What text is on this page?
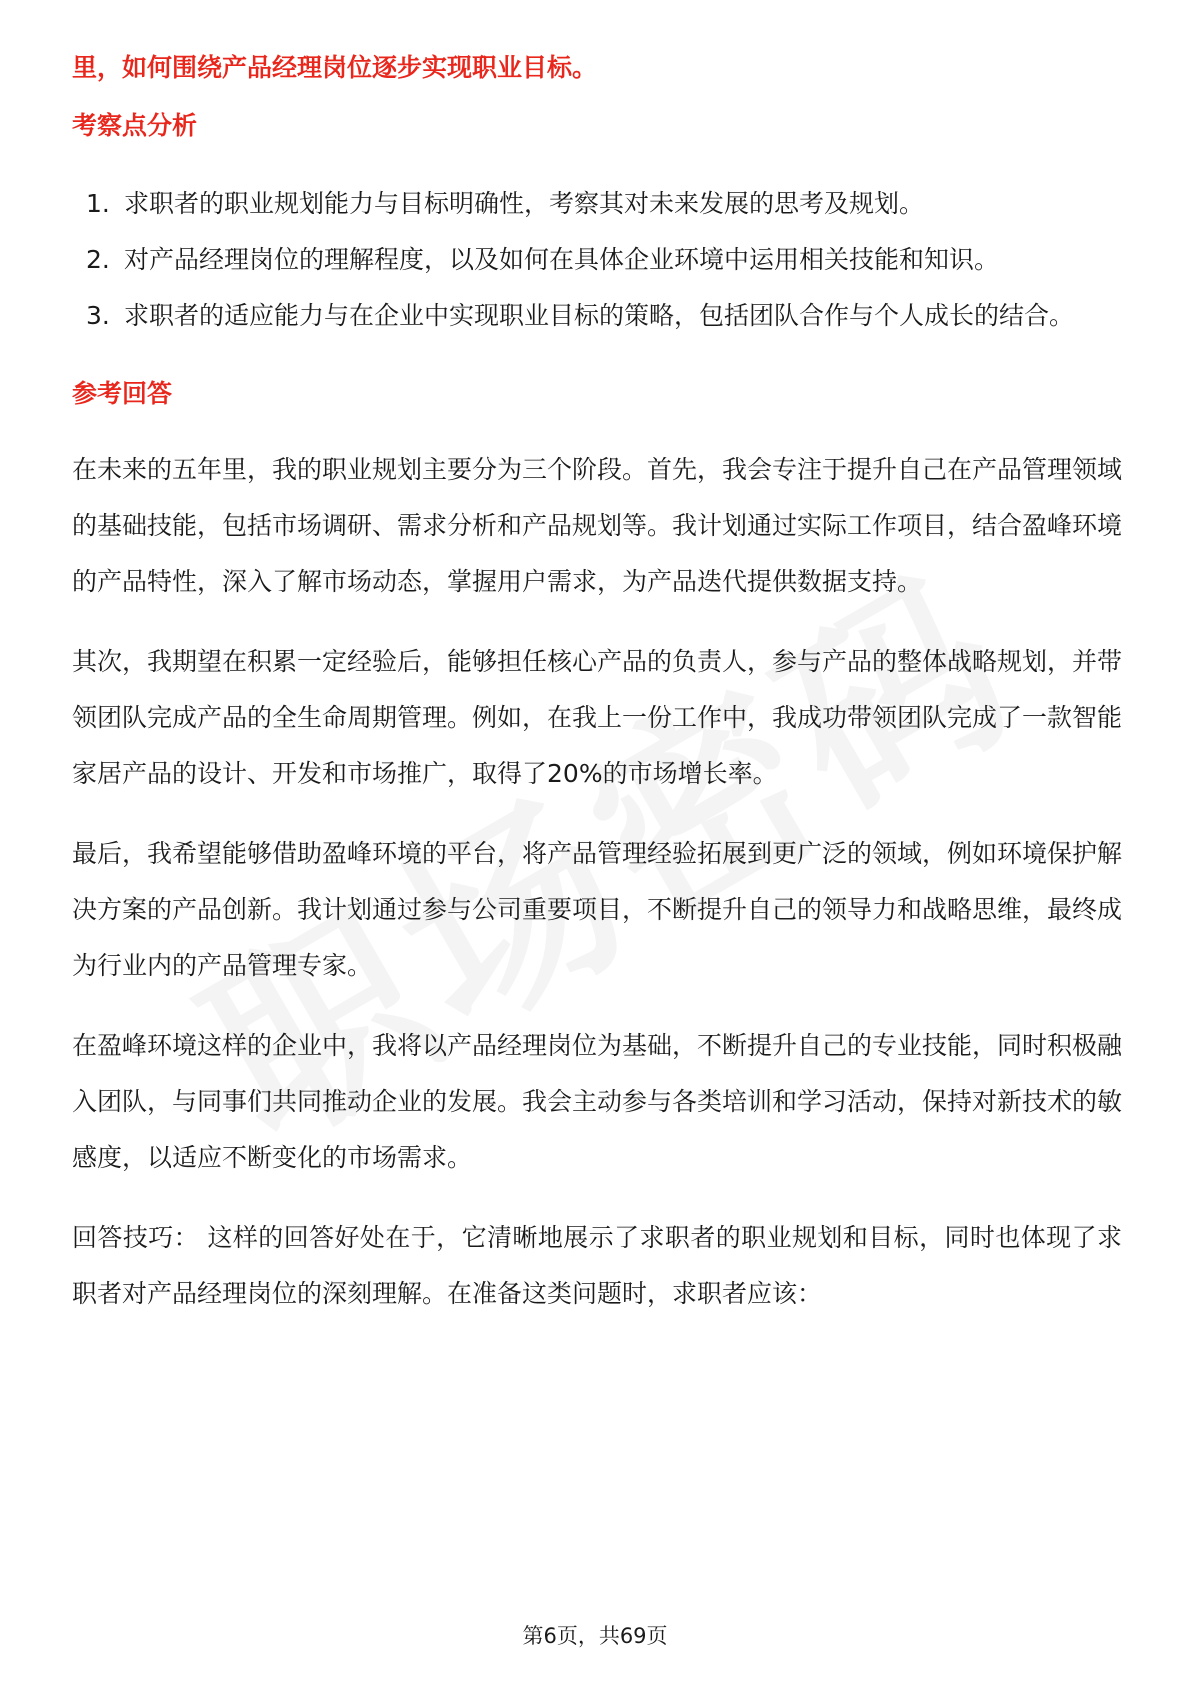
里，如何围绕产品经理岗位逐步实现职业目标。

考察点分析
1. 求职者的职业规划能力与目标明确性，考察其对未来发展的思考及规划。
2. 对产品经理岗位的理解程度，以及如何在具体企业环境中运用相关技能和知识。
3. 求职者的适应能力与在企业中实现职业目标的策略，包括团队合作与个人成长的结合。
参考回答

在未来的五年里，我的职业规划主要分为三个阶段。首先，我会专注于提升自己在产品管理领域的基础技能，包括市场调研、需求分析和产品规划等。我计划通过实际工作项目，结合盈峰环境的产品特性，深入了解市场动态，掌握用户需求，为产品迭代提供数据支持。

其次，我期望在积累一定经验后，能够担任核心产品的负责人，参与产品的整体战略规划，并带领团队完成产品的全生命周期管理。例如，在我上一份工作中，我成功带领团队完成了一款智能家居产品的设计、开发和市场推广，取得了20%的市场增长率。

最后，我希望能够借助盈峰环境的平台，将产品管理经验拓展到更广泛的领域，例如环境保护解决方案的产品创新。我计划通过参与公司重要项目，不断提升自己的领导力和战略思维，最终成为行业内的产品管理专家。

在盈峰环境这样的企业中，我将以产品经理岗位为基础，不断提升自己的专业技能，同时积极融入团队，与同事们共同推动企业的发展。我会主动参与各类培训和学习活动，保持对新技术的敏感度，以适应不断变化的市场需求。

回答技巧： 这样的回答好处在于，它清晰地展示了求职者的职业规划和目标，同时也体现了求职者对产品经理岗位的深刻理解。在准备这类问题时，求职者应该：

第6页，共69页
